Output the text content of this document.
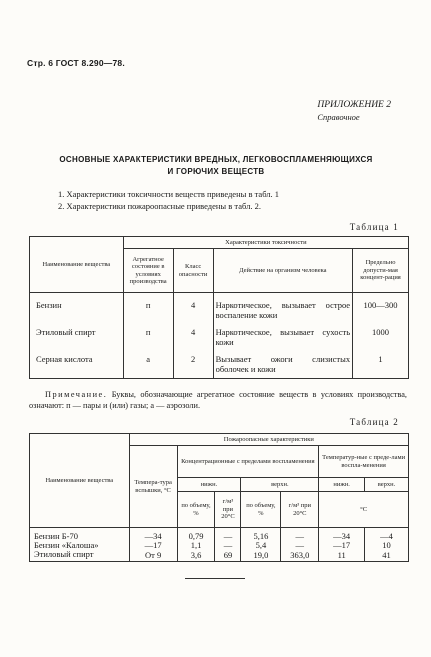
Стр. 6 ГОСТ 8.290—78.
ПРИЛОЖЕНИЕ 2
Справочное
ОСНОВНЫЕ ХАРАКТЕРИСТИКИ ВРЕДНЫХ, ЛЕГКОВОСПЛАМЕНЯЮЩИХСЯ
И ГОРЮЧИХ ВЕЩЕСТВ
1. Характеристики токсичности веществ приведены в табл. 1
2. Характеристики пожароопасные приведены в табл. 2.
Таблица 1
Наименование вещества	Характеристики токсичности			
	Агрегатное состояние в условиях производства	Класс опасности	Действие на организм человека	Предельно допусти-мая концент-рация
Бензин	п	4	Наркотическое, вызывает острое воспаление кожи	100—300
Этиловый спирт	п	4	Наркотическое, вызывает сухость кожи	1000
Серная кислота	а	2	Вызывает ожоги слизистых оболочек и кожи	1
Примечание. Буквы, обозначающие агрегатное состояние веществ в условиях производства, означают: п — пары и (или) газы; а — аэрозоли.
Таблица 2
Наименование вещества	Пожароопасные характеристики						
	Темпера-тура вспышки, °С	Концентрационные с пределами воспламенения				Температур-ные с преде-лами воспла-менения	
		нижн.		верхн.		нижн.	верхн.
		по объему, %	г/м³ при 20°С	по объему, %	г/м³ при 20°С	°С	
Бензин Б-70	—34	0,79	—	5,16	—	—34	—4
Бензин «Калоша»	—17	1,1	—	5,4	—	—17	10
Этиловый спирт	От 9	3,6	69	19,0	363,0	11	41
